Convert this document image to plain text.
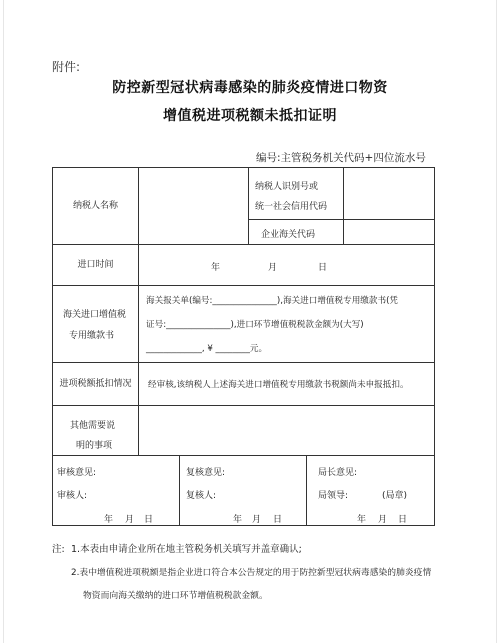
附件:
防控新型冠状病毒感染的肺炎疫情进口物资
增值税进项税额未抵扣证明
编号:主管税务机关代码+四位流水号
纳税人名称
纳税人识别号或
统一社会信用代码
企业海关代码
进口时间	年	月	日
海关进口增值税
专用缴款书
海关报关单(编号:_______________),海关进口增值税专用缴款书(凭
证号:_______________),进口环节增值税税款金额为(大写)
_____________, ¥ ________元。
进项税额抵扣情况	经审核,该纳税人上述海关进口增值税专用缴款书税额尚未申报抵扣。
其他需要说
明的事项
审核意见:
审核人:
年 月 日
复核意见:
复核人:
年 月 日
局长意见:
局领导:	(局章)
年 月 日
注: 1.本表由申请企业所在地主管税务机关填写并盖章确认;
2.表中增值税进项税额是指企业进口符合本公告规定的用于防控新型冠状病毒感染的肺炎疫情
物资而向海关缴纳的进口环节增值税税款金额。
